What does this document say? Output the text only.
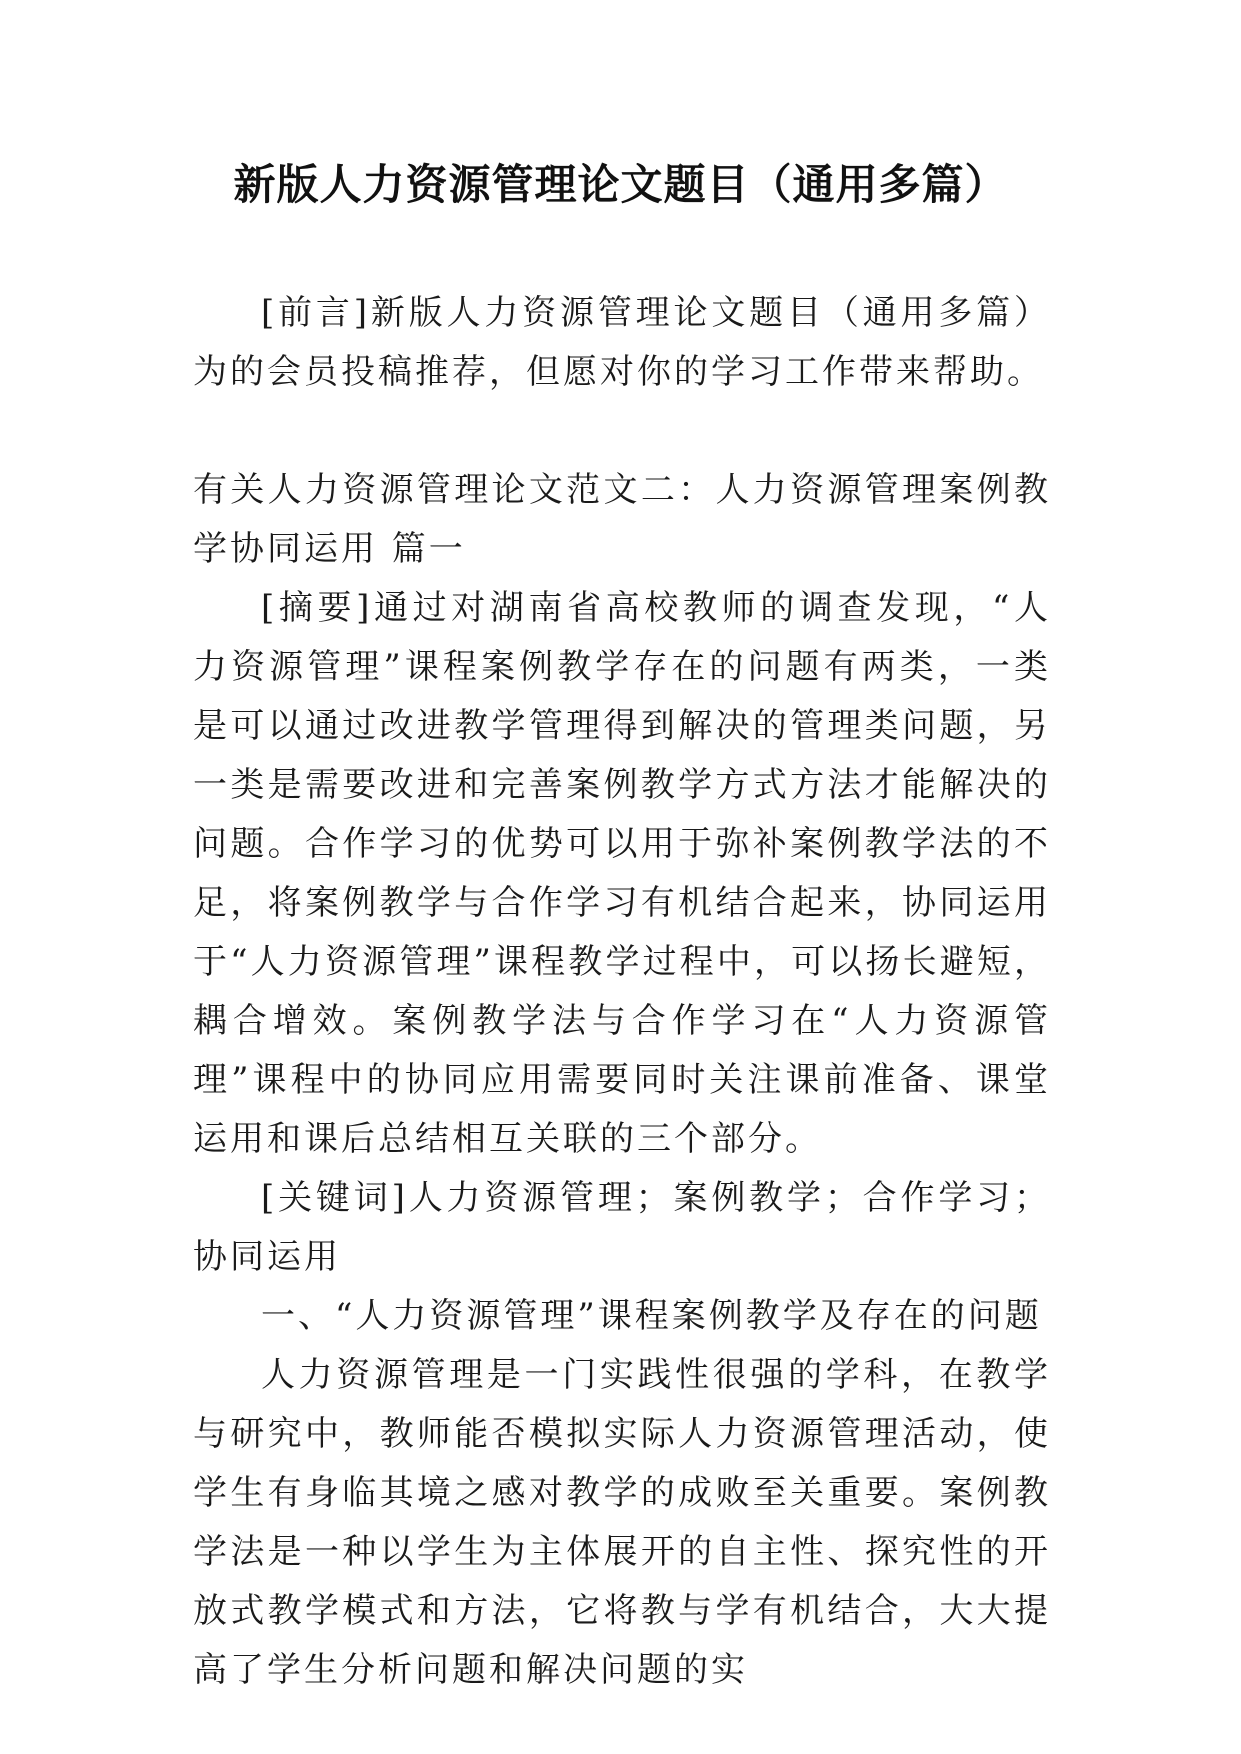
新版人力资源管理论文题目（通用多篇）

[前言]新版人力资源管理论文题目（通用多篇）为的会员投稿推荐，但愿对你的学习工作带来帮助。

有关人力资源管理论文范文二：人力资源管理案例教学协同运用 篇一

[摘要]通过对湖南省高校教师的调查发现，“人力资源管理”课程案例教学存在的问题有两类，一类是可以通过改进教学管理得到解决的管理类问题，另一类是需要改进和完善案例教学方式方法才能解决的问题。合作学习的优势可以用于弥补案例教学法的不足，将案例教学与合作学习有机结合起来，协同运用于“人力资源管理”课程教学过程中，可以扬长避短，耦合增效。案例教学法与合作学习在“人力资源管理”课程中的协同应用需要同时关注课前准备、课堂运用和课后总结相互关联的三个部分。

[关键词]人力资源管理；案例教学；合作学习；协同运用

一、“人力资源管理”课程案例教学及存在的问题

人力资源管理是一门实践性很强的学科，在教学与研究中，教师能否模拟实际人力资源管理活动，使学生有身临其境之感对教学的成败至关重要。案例教学法是一种以学生为主体展开的自主性、探究性的开放式教学模式和方法，它将教与学有机结合，大大提高了学生分析问题和解决问题的实
